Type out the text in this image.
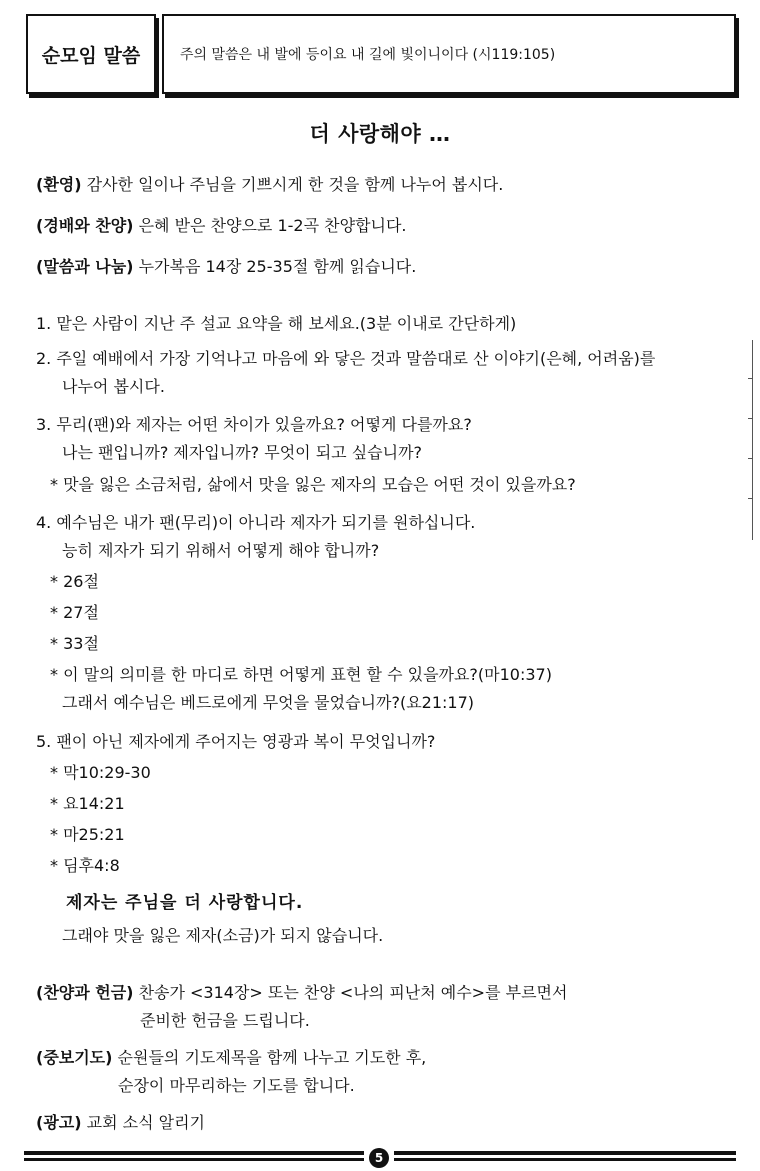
순모임 말씀	주의 말씀은 내 발에 등이요 내 길에 빛이니이다 (시119:105)
더 사랑해야 …
(환영) 감사한 일이나 주님을 기쁘시게 한 것을 함께 나누어 봅시다.
(경배와 찬양) 은혜 받은 찬양으로 1-2곡 찬양합니다.
(말씀과 나눔) 누가복음 14장 25-35절 함께 읽습니다.
1. 맡은 사람이 지난 주 설교 요약을 해 보세요.(3분 이내로 간단하게)
2. 주일 예배에서 가장 기억나고 마음에 와 닿은 것과 말씀대로 산 이야기(은혜, 어려움)를
나누어 봅시다.
3. 무리(팬)와 제자는 어떤 차이가 있을까요? 어떻게 다를까요?
나는 팬입니까? 제자입니까? 무엇이 되고 싶습니까?
* 맛을 잃은 소금처럼, 삶에서 맛을 잃은 제자의 모습은 어떤 것이 있을까요?
4. 예수님은 내가 팬(무리)이 아니라 제자가 되기를 원하십니다.
능히 제자가 되기 위해서 어떻게 해야 합니까?
* 26절
* 27절
* 33절
* 이 말의 의미를 한 마디로 하면 어떻게 표현 할 수 있을까요?(마10:37)
그래서 예수님은 베드로에게 무엇을 물었습니까?(요21:17)
5. 팬이 아닌 제자에게 주어지는 영광과 복이 무엇입니까?
* 막10:29-30
* 요14:21
* 마25:21
* 딤후4:8
제자는 주님을 더 사랑합니다.
그래야 맛을 잃은 제자(소금)가 되지 않습니다.
(찬양과 헌금) 찬송가 <314장> 또는 찬양 <나의 피난처 예수>를 부르면서
준비한 헌금을 드립니다.
(중보기도) 순원들의 기도제목을 함께 나누고 기도한 후,
순장이 마무리하는 기도를 합니다.
(광고) 교회 소식 알리기
5
